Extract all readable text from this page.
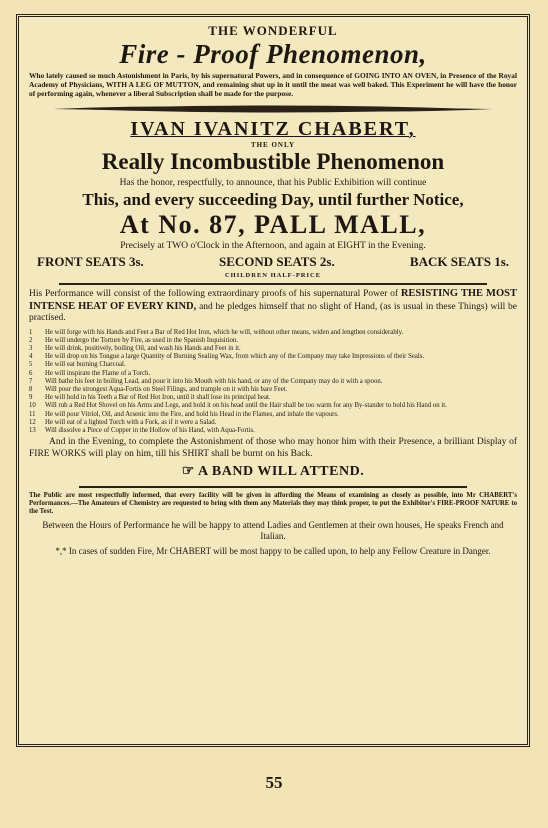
THE WONDERFUL
Fire - Proof Phenomenon,
Who lately caused so much Astonishment in Paris, by his supernatural Powers, and in consequence of GOING INTO AN OVEN, in Presence of the Royal Academy of Physicians, WITH A LEG OF MUTTON, and remaining shut up in it until the meat was well baked. This Experiment he will have the honor of performing again, whenever a liberal Subscription shall be made for the purpose.
IVAN IVANITZ CHABERT,
THE ONLY
Really Incombustible Phenomenon
Has the honor, respectfully, to announce, that his Public Exhibition will continue
This, and every succeeding Day, until further Notice,
At No. 87, PALL MALL,
Precisely at TWO o'Clock in the Afternoon, and again at EIGHT in the Evening.
FRONT SEATS 3s.	SECOND SEATS 2s.	BACK SEATS 1s.
CHILDREN HALF-PRICE
His Performance will consist of the following extraordinary proofs of his supernatural Power of RESISTING THE MOST INTENSE HEAT OF EVERY KIND, and he pledges himself that no slight of Hand, (as is usual in these Things) will be practised.
1 He will forge with his Hands and Feet a Bar of Red Hot Iron, which he will, without other means, widen and lengthen considerably.
2 He will undergo the Torture by Fire, as used in the Spanish Inquisition.
3 He will drink, positively, boiling Oil, and wash his Hands and Feet in it.
4 He will drop on his Tongue a large Quantity of Burning Sealing Wax, from which any of the Company may take Impressions of their Seals.
5 He will eat burning Charcoal.
6 He will inspirate the Flame of a Torch.
7 Will bathe his feet in boiling Lead, and pour it into his Mouth with his hand, or any of the Company may do it with a spoon.
8 Will pour the strongest Aqua-Fortis on Steel Filings, and trample on it with his bare Feet.
9 He will hold in his Teeth a Bar of Red Hot Iron, until it shall lose its principal heat.
10 Will rub a Red Hot Shovel on his Arms and Legs, and hold it on his head until the Hair shall be too warm for any By-stander to hold his Hand on it.
11 He will pour Vitriol, Oil, and Arsenic into the Fire, and hold his Head in the Flames, and inhale the vapours.
12 He will eat of a lighted Torch with a Fork, as if it were a Salad.
13 Will dissolve a Piece of Copper in the Hollow of his Hand, with Aqua-Fortis.
And in the Evening, to complete the Astonishment of those who may honor him with their Presence, a brilliant Display of FIRE WORKS will play on him, till his SHIRT shall be burnt on his Back.
☞ A BAND WILL ATTEND.
The Public are most respectfully informed, that every facility will be given in affording the Means of examining as closely as possible, into Mr CHABERT's Performances.—The Amateurs of Chemistry are requested to bring with them any Materials they may think proper, to put the Exhibitor's FIRE-PROOF NATURE to the Test.
Between the Hours of Performance he will be happy to attend Ladies and Gentlemen at their own houses, He speaks French and Italian.
*,* In cases of sudden Fire, Mr CHABERT will be most happy to be called upon, to help any Fellow Creature in Danger.
55
